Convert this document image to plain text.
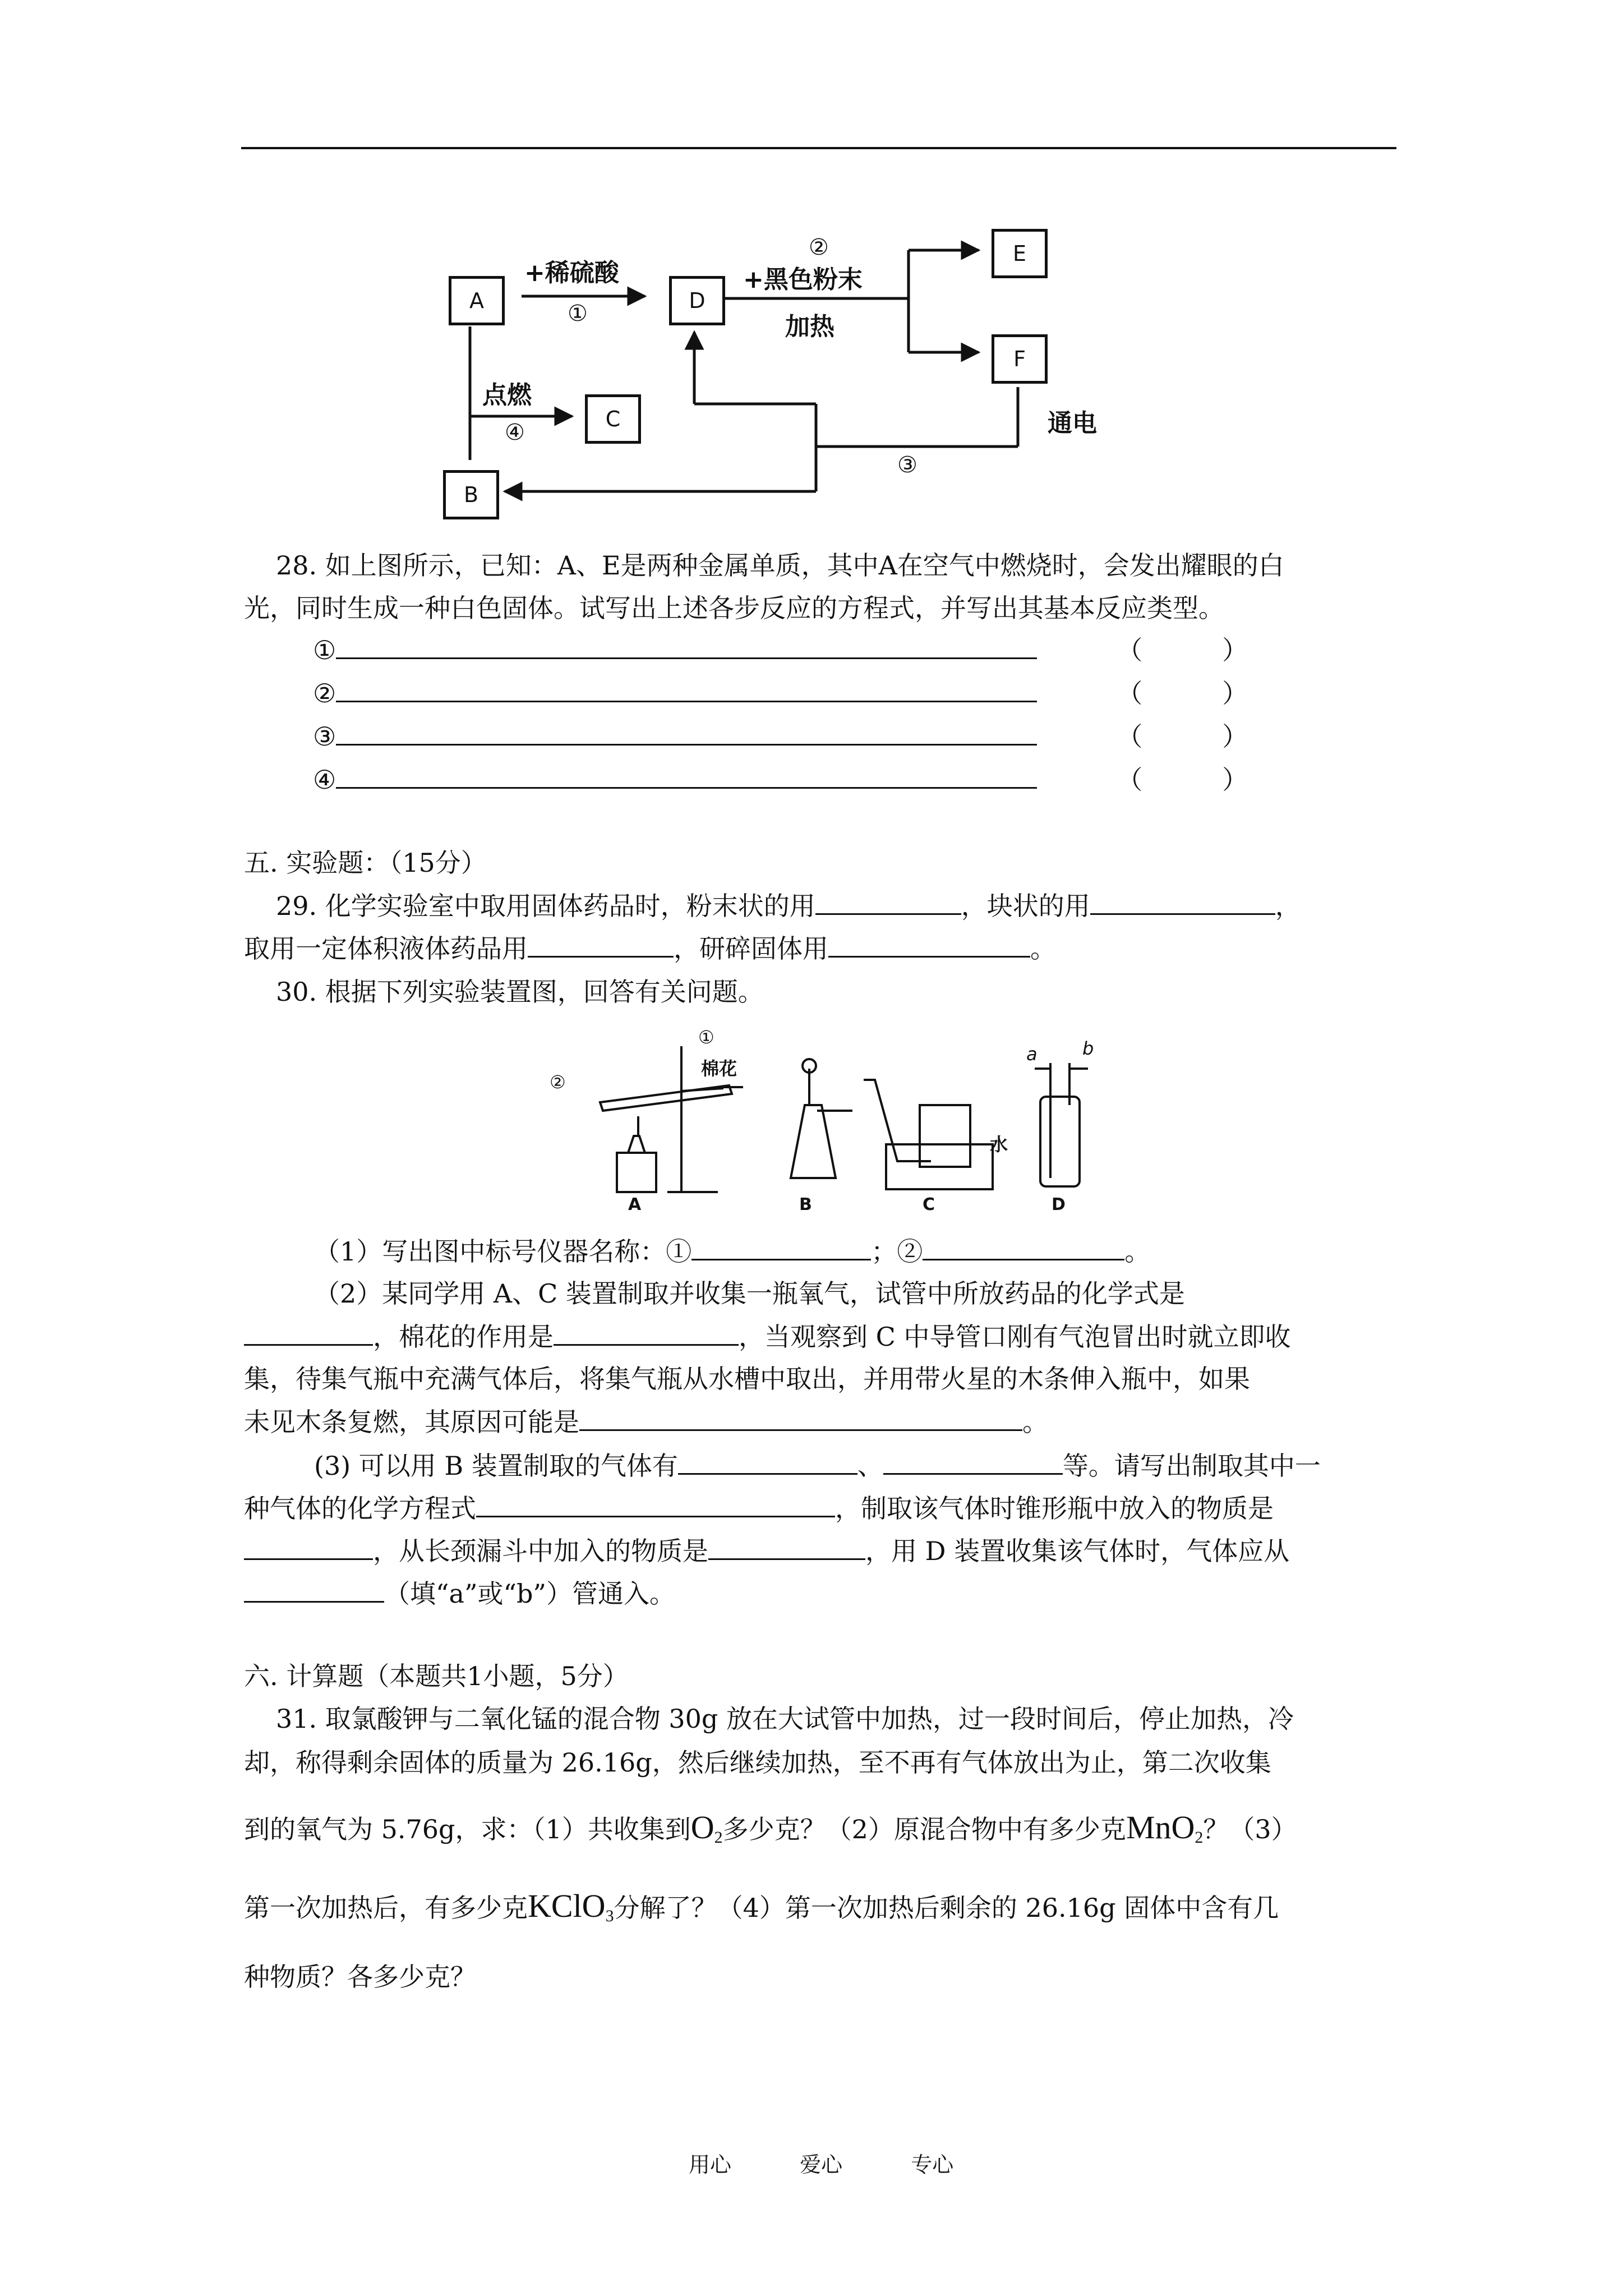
A	D
E
F
C
B
+稀硫酸
①
②
+黑色粉末
加热
点燃
④	通电
③
28. 如上图所示，已知：A、E是两种金属单质，其中A在空气中燃烧时，会发出耀眼的白
光，同时生成一种白色固体。试写出上述各步反应的方程式，并写出其基本反应类型。
①	（	）
②	（	）
③	（	）
④	（	）
五. 实验题：（15分）
29. 化学实验室中取用固体药品时，粉末状的用	，块状的用	，
取用一定体积液体药品用	，研碎固体用	。
30. 根据下列实验装置图，回答有关问题。
①
②
棉花
水
a	b
A	B	C	D
（1）写出图中标号仪器名称：①	；②	。
（2）某同学用 A、C 装置制取并收集一瓶氧气，试管中所放药品的化学式是
，棉花的作用是	，当观察到 C 中导管口刚有气泡冒出时就立即收
集，待集气瓶中充满气体后，将集气瓶从水槽中取出，并用带火星的木条伸入瓶中，如果
未见木条复燃，其原因可能是	。
(3) 可以用 B 装置制取的气体有	、	等。请写出制取其中一
种气体的化学方程式	，制取该气体时锥形瓶中放入的物质是
，从长颈漏斗中加入的物质是	，用 D 装置收集该气体时，气体应从
（填“a”或“b”）管通入。
六. 计算题（本题共1小题，5分）
31. 取氯酸钾与二氧化锰的混合物 30g 放在大试管中加热，过一段时间后，停止加热，冷
却，称得剩余固体的质量为 26.16g，然后继续加热，至不再有气体放出为止，第二次收集
到的氧气为 5.76g，求：（1）共收集到$O_2$多少克？（2）原混合物中有多少克MnO$_2$？（3）
第一次加热后，有多少克KClO$_3$分解了？（4）第一次加热后剩余的 26.16g 固体中含有几
种物质？各多少克？
用心	爱心	专心
